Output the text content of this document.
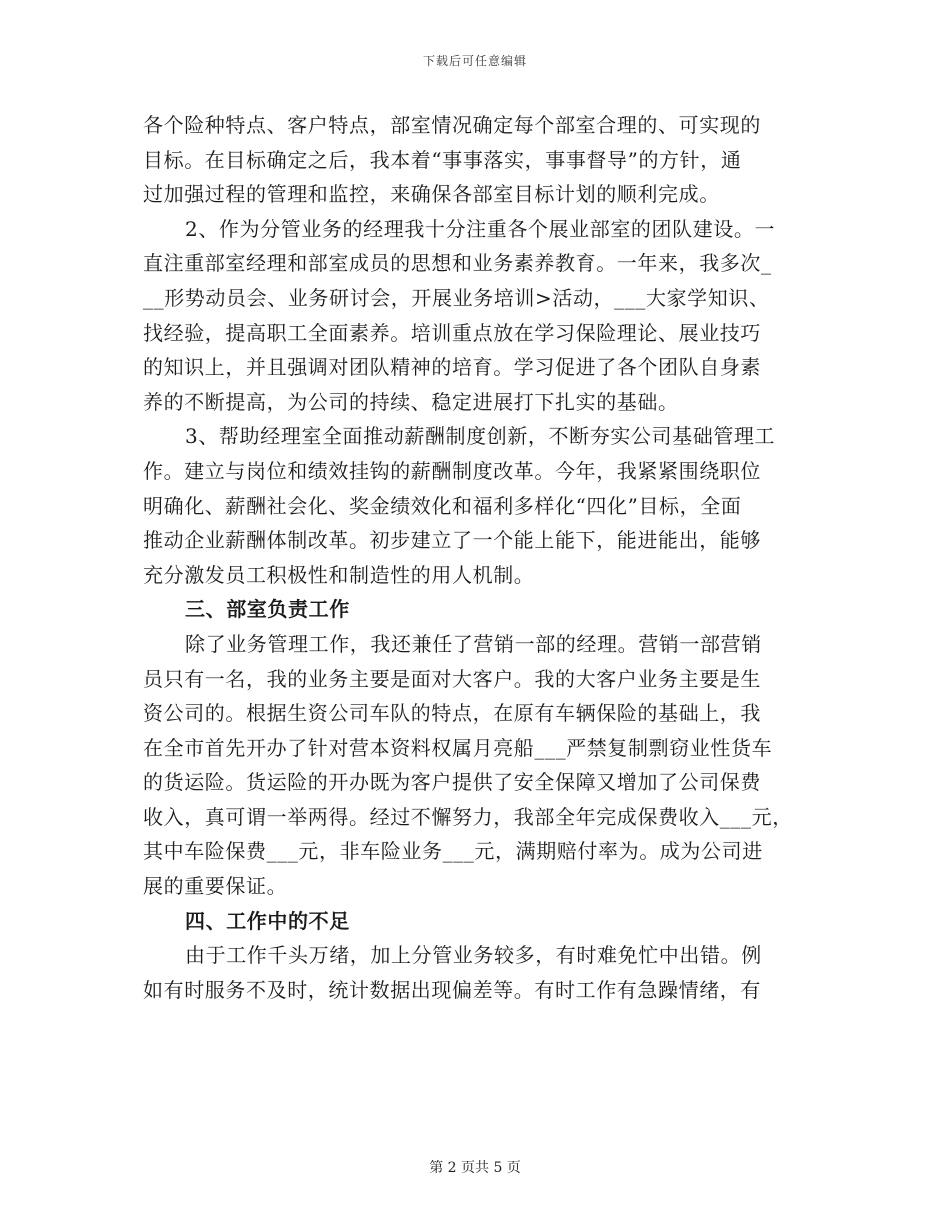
下载后可任意编辑
各个险种特点、客户特点，部室情况确定每个部室合理的、可实现的
目标。在目标确定之后，我本着“事事落实，事事督导”的方针，通
过加强过程的管理和监控，来确保各部室目标计划的顺利完成。
2、作为分管业务的经理我十分注重各个展业部室的团队建设。一
直注重部室经理和部室成员的思想和业务素养教育。一年来，我多次_
__形势动员会、业务研讨会，开展业务培训>活动，___大家学知识、
找经验，提高职工全面素养。培训重点放在学习保险理论、展业技巧
的知识上，并且强调对团队精神的培育。学习促进了各个团队自身素
养的不断提高，为公司的持续、稳定进展打下扎实的基础。
3、帮助经理室全面推动薪酬制度创新，不断夯实公司基础管理工
作。建立与岗位和绩效挂钩的薪酬制度改革。今年，我紧紧围绕职位
明确化、薪酬社会化、奖金绩效化和福利多样化“四化”目标，全面
推动企业薪酬体制改革。初步建立了一个能上能下，能进能出，能够
充分激发员工积极性和制造性的用人机制。
三、部室负责工作
除了业务管理工作，我还兼任了营销一部的经理。营销一部营销
员只有一名，我的业务主要是面对大客户。我的大客户业务主要是生
资公司的。根据生资公司车队的特点，在原有车辆保险的基础上，我
在全市首先开办了针对营本资料权属月亮船___严禁复制剽窃业性货车
的货运险。货运险的开办既为客户提供了安全保障又增加了公司保费
收入，真可谓一举两得。经过不懈努力，我部全年完成保费收入___元，
其中车险保费___元，非车险业务___元，满期赔付率为。成为公司进
展的重要保证。
四、工作中的不足
由于工作千头万绪，加上分管业务较多，有时难免忙中出错。例
如有时服务不及时，统计数据出现偏差等。有时工作有急躁情绪，有
第 2 页共 5 页
